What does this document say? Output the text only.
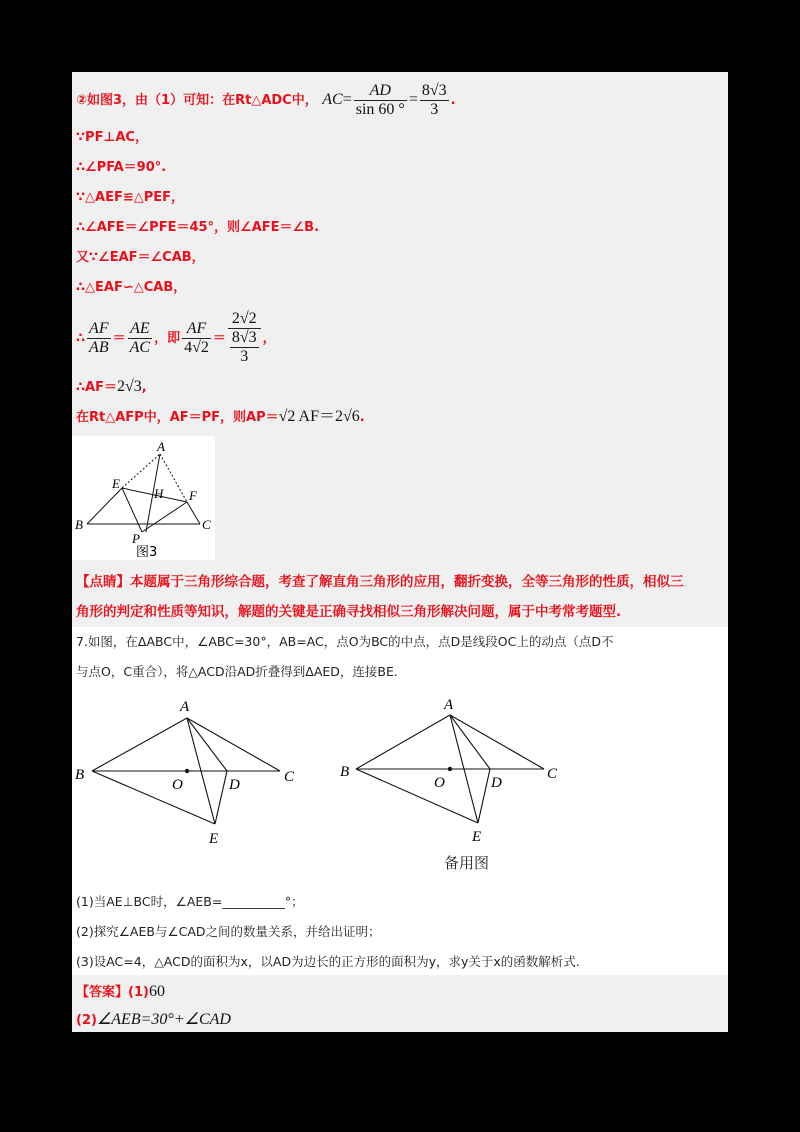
②如图3，由（1）可知：在Rt△ADC中， $AC= \frac{AD}{\sin 60 ^\circ} = \frac{8√3}{3}$ .
∵PF⊥AC，
∴∠PFA＝90°.
∵△AEF≌△PEF，
∴∠AFE＝∠PFE＝45°，则∠AFE＝∠B.
又∵∠EAF＝∠CAB，
∴△EAF∽△CAB，
∴ $\frac{AF}{AB} = \frac{AE}{AC}$ ，即 $\frac{AF}{4√2} = 2√2$
8√3
3 ，
∴AF＝2√3,
在Rt△AFP中，AF＝PF，则AP＝√2 AF＝2√6.
A
E
H F
B	C
P
图3
【点睛】本题属于三角形综合题，考查了解直角三角形的应用，翻折变换，全等三角形的性质，相似三
角形的判定和性质等知识，解题的关键是正确寻找相似三角形解决问题，属于中考常考题型.
7.如图，在ΔABC中，∠ABC=30°，AB=AC，点O为BC的中点，点D是线段OC上的动点（点D不
与点O，C重合），将△ACD沿AD折叠得到ΔAED，连接BE.
A
B
O	D	C
E
A
B
O	D
C
E
备用图
(1)当AE⊥BC时，∠AEB=__________°；
(2)探究∠AEB与∠CAD之间的数量关系，并给出证明；
(3)设AC=4，△ACD的面积为x，以AD为边长的正方形的面积为y，求y关于x的函数解析式.
【答案】(1)60
(2)∠AEB=30°+∠CAD
